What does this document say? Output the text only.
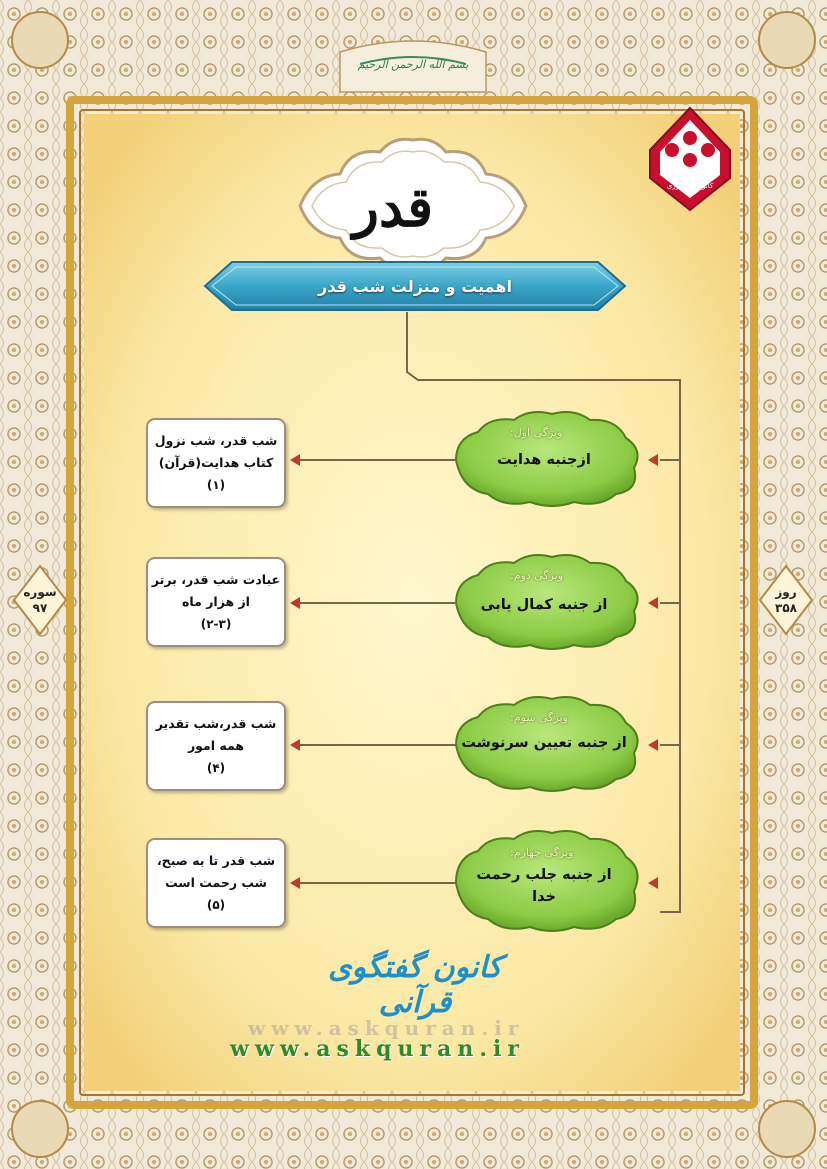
بسم الله الرحمن الرحيم
کانون آیه آموزی
قدر
اهمیت و منزلت شب قدر
سوره
۹۷
روز
۳۵۸
ویژگی اول:
ازجنبه هدایت
شب قدر، شب نزول
کتاب هدایت(قرآن)
(۱)
ویژگی دوم:
از جنبه کمال یابی
عبادت شب قدر، برتر
از هزار ماه
(۲-۳)
ویژگی سوم:
از جنبه تعیین سرنوشت
شب قدر،شب تقدیر
همه امور
(۴)
ویژگی چهارم:
از جنبه جلب رحمت خدا
شب قدر تا به صبح،
شب رحمت است
(۵)
کانون گفتگوی قرآنی
www.askquran.ir
www.askquran.ir
